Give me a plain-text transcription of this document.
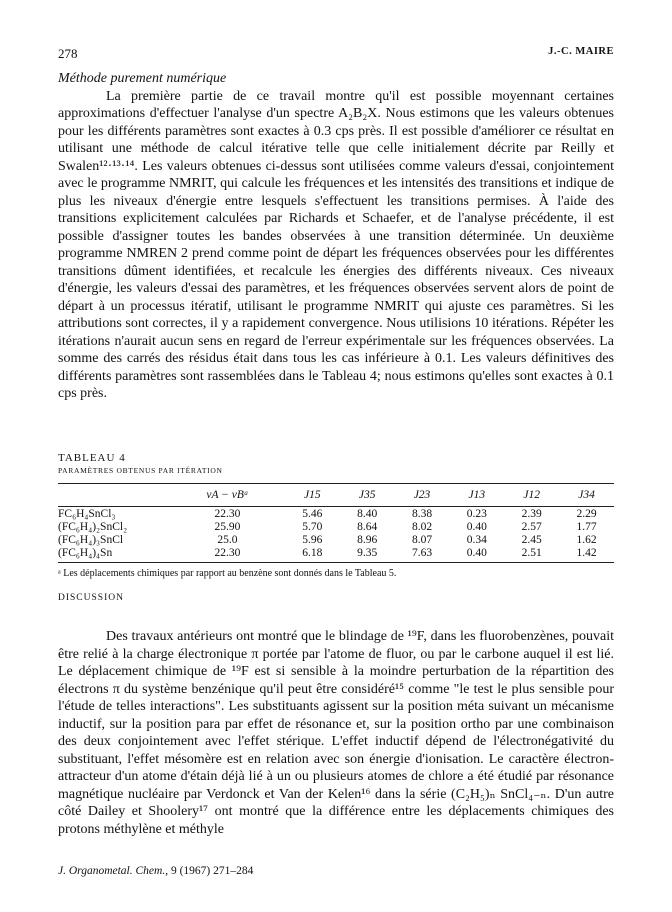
278	J.-C. MAIRE

Méthode purement numérique

La première partie de ce travail montre qu'il est possible moyennant certaines approximations d'effectuer l'analyse d'un spectre A₂B₂X. Nous estimons que les valeurs obtenues pour les différents paramètres sont exactes à 0.3 cps près. Il est possible d'améliorer ce résultat en utilisant une méthode de calcul itérative telle que celle initialement décrite par Reilly et Swalen¹²·¹³·¹⁴. Les valeurs obtenues ci-dessus sont utilisées comme valeurs d'essai, conjointement avec le programme NMRIT, qui calcule les fréquences et les intensités des transitions et indique de plus les niveaux d'énergie entre lesquels s'effectuent les transitions permises. À l'aide des transitions explicitement calculées par Richards et Schaefer, et de l'analyse précédente, il est possible d'assigner toutes les bandes observées à une transition déterminée. Un deuxième programme NMREN 2 prend comme point de départ les fréquences observées pour les différentes transitions dûment identifiées, et recalcule les énergies des différents niveaux. Ces niveaux d'énergie, les valeurs d'essai des paramètres, et les fréquences observées servent alors de point de départ à un processus itératif, utilisant le programme NMRIT qui ajuste ces paramètres. Si les attributions sont correctes, il y a rapidement convergence. Nous utilisions 10 itérations. Répéter les itérations n'aurait aucun sens en regard de l'erreur expérimentale sur les fréquences observées. La somme des carrés des résidus était dans tous les cas inférieure à 0.1. Les valeurs définitives des différents paramètres sont rassemblées dans le Tableau 4; nous estimons qu'elles sont exactes à 0.1 cps près.

TABLEAU 4

PARAMÈTRES OBTENUS PAR ITÉRATION

	νA − νBᵃ	J15	J35	J23	J13	J12	J34
FC₆H₄SnCl₃	22.30	5.46	8.40	8.38	0.23	2.39	2.29
(FC₆H₄)₂SnCl₂	25.90	5.70	8.64	8.02	0.40	2.57	1.77
(FC₆H₄)₃SnCl	25.0	5.96	8.96	8.07	0.34	2.45	1.62
(FC₆H₄)₄Sn	22.30	6.18	9.35	7.63	0.40	2.51	1.42

ᵃ Les déplacements chimiques par rapport au benzène sont donnés dans le Tableau 5.

DISCUSSION

Des travaux antérieurs ont montré que le blindage de ¹⁹F, dans les fluorobenzènes, pouvait être relié à la charge électronique π portée par l'atome de fluor, ou par le carbone auquel il est lié. Le déplacement chimique de ¹⁹F est si sensible à la moindre perturbation de la répartition des électrons π du système benzénique qu'il peut être considéré¹⁵ comme "le test le plus sensible pour l'étude de telles interactions". Les substituants agissent sur la position méta suivant un mécanisme inductif, sur la position para par effet de résonance et, sur la position ortho par une combinaison des deux conjointement avec l'effet stérique. L'effet inductif dépend de l'électronégativité du substituant, l'effet mésomère est en relation avec son énergie d'ionisation. Le caractère électron-attracteur d'un atome d'étain déjà lié à un ou plusieurs atomes de chlore a été étudié par résonance magnétique nucléaire par Verdonck et Van der Kelen¹⁶ dans la série (C₂H₅)ₙ SnCl₄₋ₙ. D'un autre côté Dailey et Shoolery¹⁷ ont montré que la différence entre les déplacements chimiques des protons méthylène et méthyle

J. Organometal. Chem., 9 (1967) 271–284
